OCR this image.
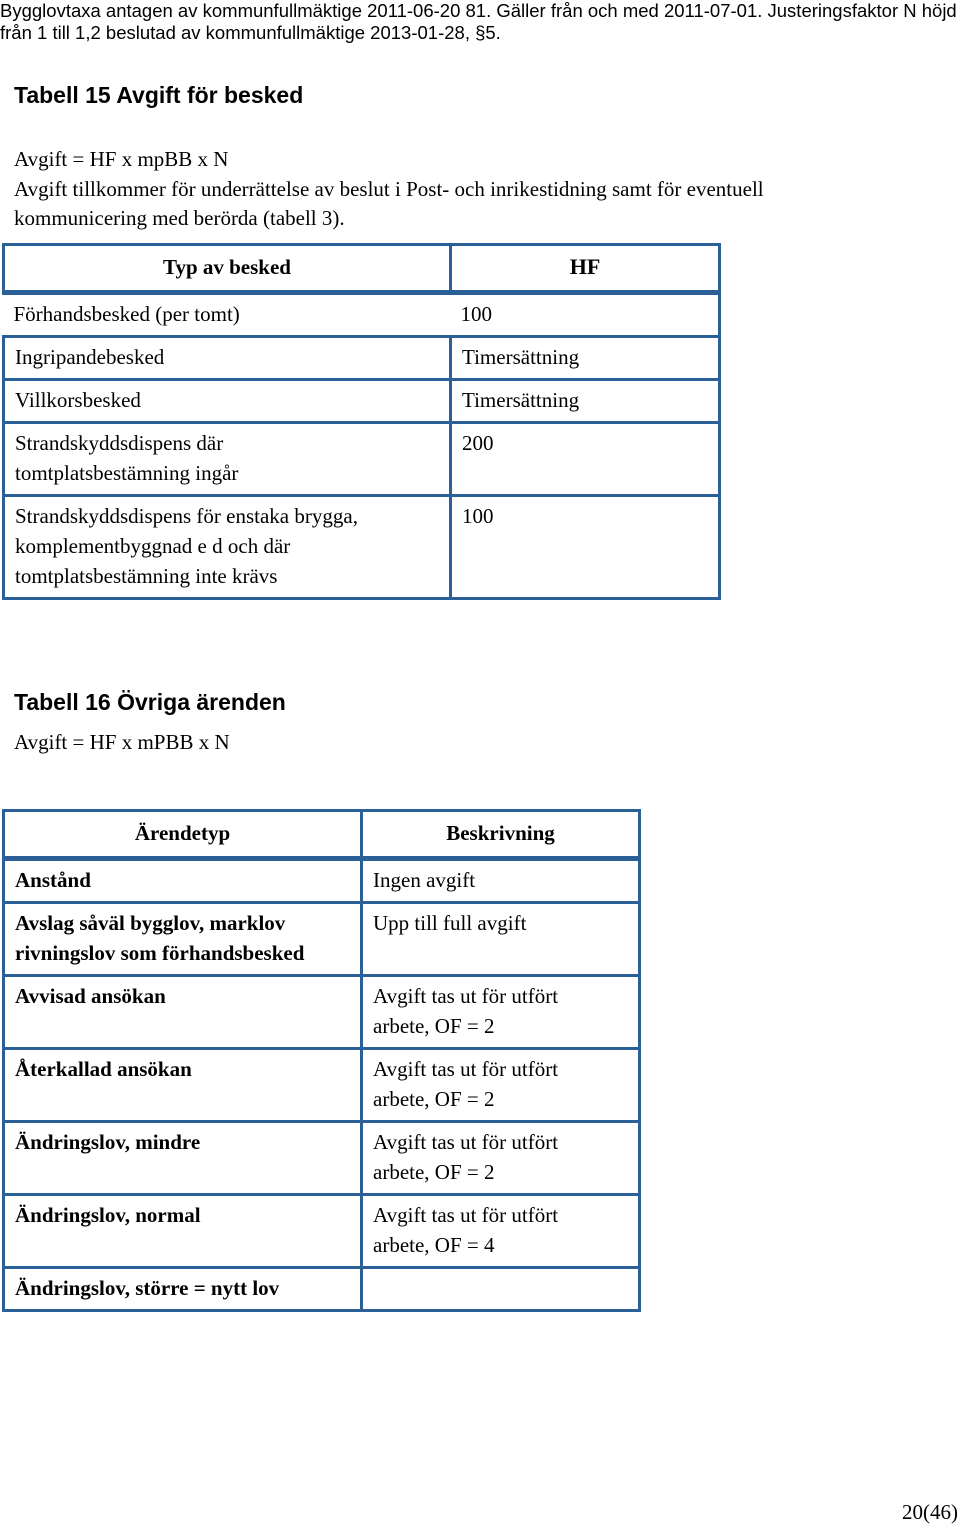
Bygglovtaxa antagen av kommunfullmäktige 2011-06-20 81. Gäller från och med 2011-07-01. Justeringsfaktor N höjd
från 1 till 1,2 beslutad av kommunfullmäktige 2013-01-28, §5.
Tabell 15 Avgift för besked
Avgift = HF x mpBB x N
Avgift tillkommer för underrättelse av beslut i Post- och inrikestidning samt för eventuell
kommunicering med berörda (tabell 3).
Typ av besked	HF
Förhandsbesked (per tomt)	100
Ingripandebesked	Timersättning
Villkorsbesked	Timersättning

Strandskyddsdispens där
tomtplatsbestämning ingår	200

Strandskyddsdispens för enstaka brygga,
komplementbyggnad e d och där
tomtplatsbestämning inte krävs	100
Tabell 16 Övriga ärenden
Avgift = HF x mPBB x N
Ärendetyp	Beskrivning
Anstånd	Ingen avgift

Avslag såväl bygglov, marklov
rivningslov som förhandsbesked	Upp till full avgift
Avvisad ansökan	Avgift tas ut för utfört
arbete, OF = 2

Återkallad ansökan	Avgift tas ut för utfört
arbete, OF = 2

Ändringslov, mindre	Avgift tas ut för utfört
arbete, OF = 2

Ändringslov, normal	Avgift tas ut för utfört
arbete, OF = 4

Ändringslov, större = nytt lov	
20(46)
